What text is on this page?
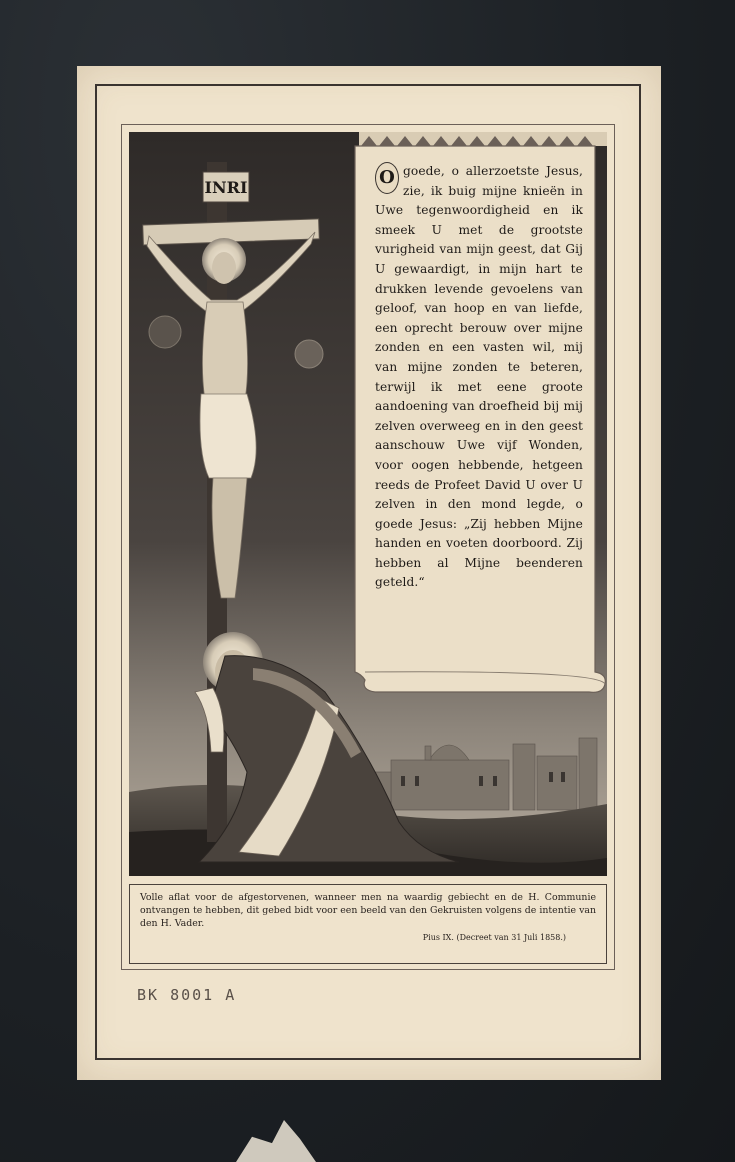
INRI	O goede, o allerzoetste Jesus, zie, ik buig mijne knieën in Uwe tegenwoordigheid en ik smeek U met de grootste vurigheid van mijn geest, dat Gij U gewaardigt, in mijn hart te drukken levende gevoelens van geloof, van hoop en van liefde, een oprecht berouw over mijne zonden en een vasten wil, mij van mijne zonden te beteren, terwijl ik met eene groote aandoening van droefheid bij mij zelven overweeg en in den geest aanschouw Uwe vijf Wonden, voor oogen hebbende, hetgeen reeds de Profeet David U over U zelven in den mond legde, o goede Jesus: „Zij hebben Mijne handen en voeten doorboord. Zij hebben al Mijne beenderen geteld.“
Volle aflat voor de afgestorvenen, wanneer men na waardig gebiecht en de H. Communie ontvangen te hebben, dit gebed bidt voor een beeld van den Gekruisten volgens de intentie van den H. Vader.
Pius IX. (Decreet van 31 Juli 1858.)
BK 8001 A
